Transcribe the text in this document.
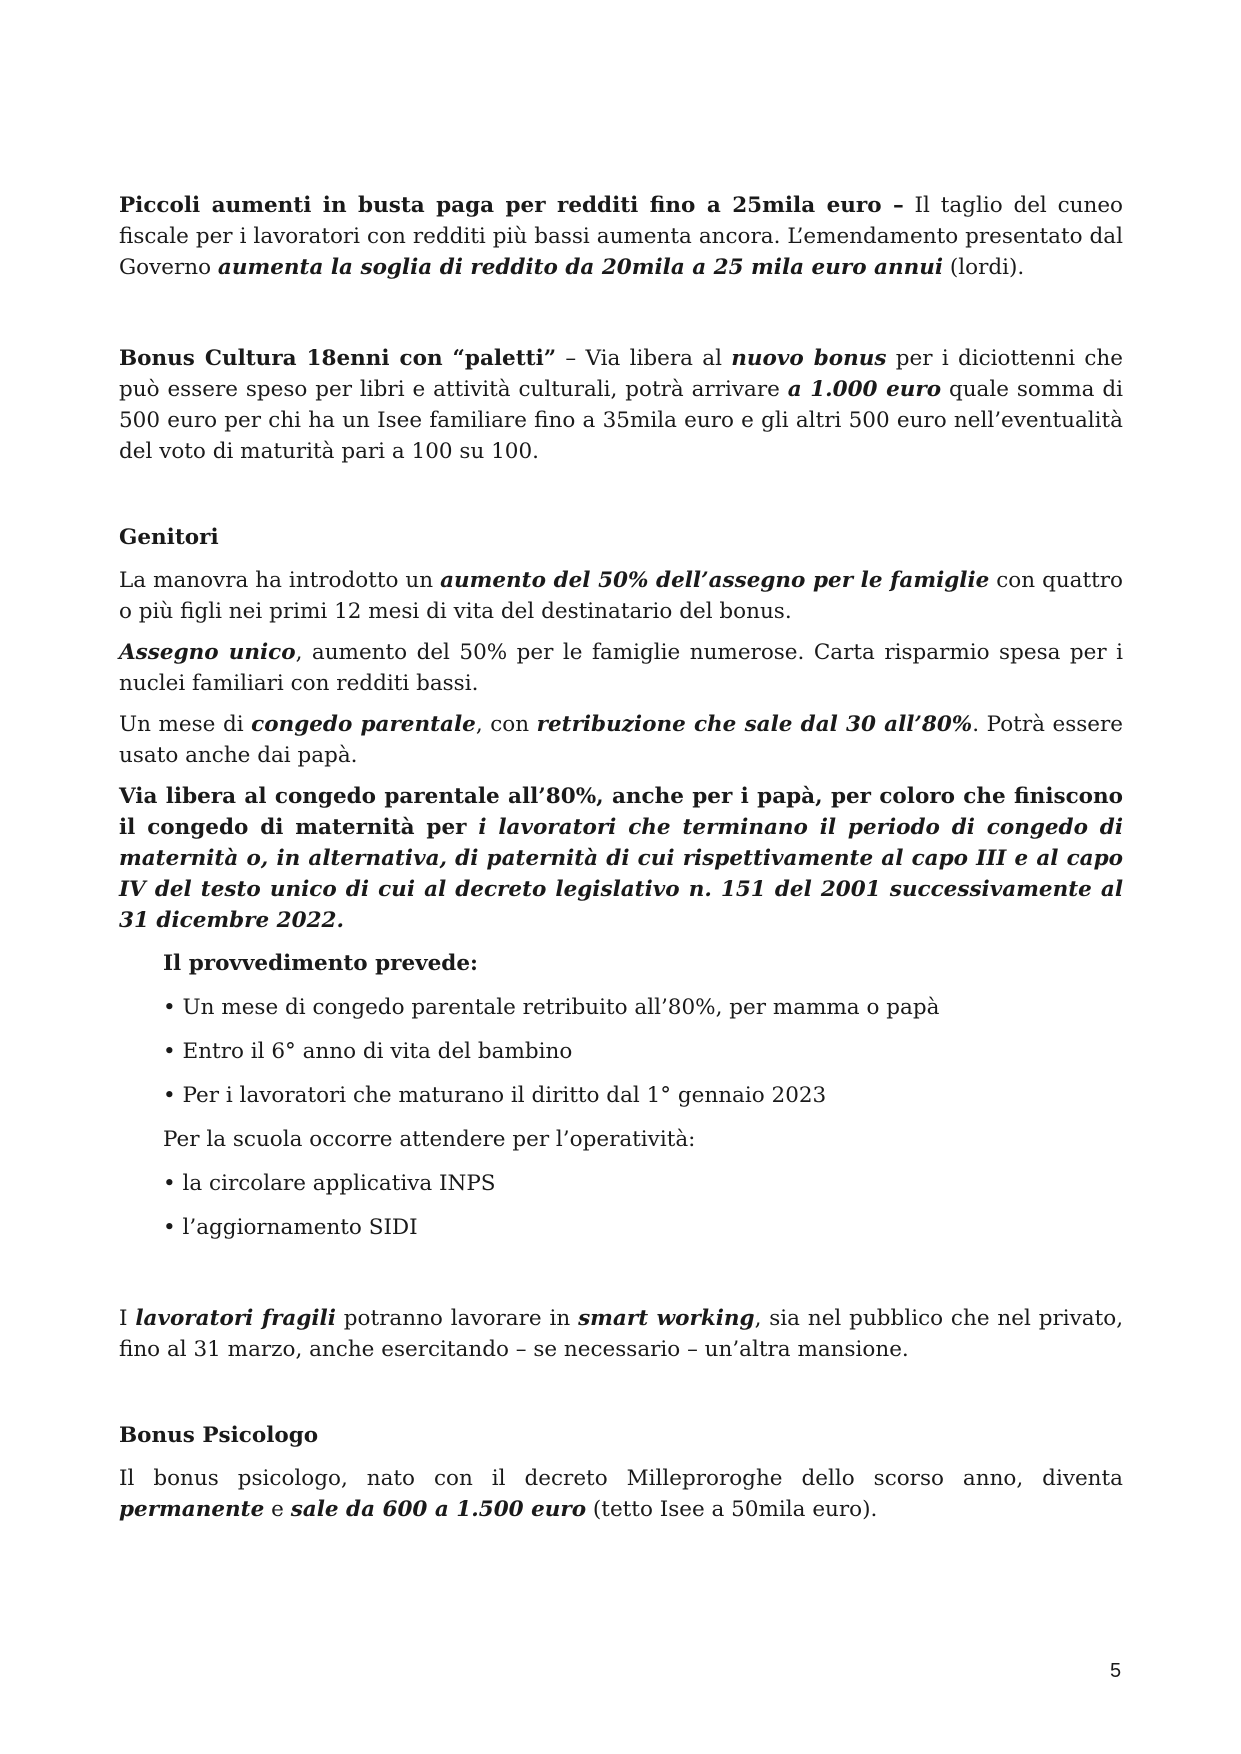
Piccoli aumenti in busta paga per redditi fino a 25mila euro – Il taglio del cuneo fiscale per i lavoratori con redditi più bassi aumenta ancora. L’emendamento presentato dal Governo aumenta la soglia di reddito da 20mila a 25 mila euro annui (lordi).

Bonus Cultura 18enni con “paletti” – Via libera al nuovo bonus per i diciottenni che può essere speso per libri e attività culturali, potrà arrivare a 1.000 euro quale somma di 500 euro per chi ha un Isee familiare fino a 35mila euro e gli altri 500 euro nell’eventualità del voto di maturità pari a 100 su 100.

Genitori

La manovra ha introdotto un aumento del 50% dell’assegno per le famiglie con quattro o più figli nei primi 12 mesi di vita del destinatario del bonus.

Assegno unico, aumento del 50% per le famiglie numerose. Carta risparmio spesa per i nuclei familiari con redditi bassi.

Un mese di congedo parentale, con retribuzione che sale dal 30 all’80%. Potrà essere usato anche dai papà.

Via libera al congedo parentale all’80%, anche per i papà, per coloro che finiscono il congedo di maternità per i lavoratori che terminano il periodo di congedo di maternità o, in alternativa, di paternità di cui rispettivamente al capo III e al capo IV del testo unico di cui al decreto legislativo n. 151 del 2001 successivamente al 31 dicembre 2022.

Il provvedimento prevede:

• Un mese di congedo parentale retribuito all’80%, per mamma o papà

• Entro il 6° anno di vita del bambino

• Per i lavoratori che maturano il diritto dal 1° gennaio 2023

Per la scuola occorre attendere per l’operatività:

• la circolare applicativa INPS

• l’aggiornamento SIDI

I lavoratori fragili potranno lavorare in smart working, sia nel pubblico che nel privato, fino al 31 marzo, anche esercitando – se necessario – un’altra mansione.

Bonus Psicologo

Il bonus psicologo, nato con il decreto Milleproroghe dello scorso anno, diventa permanente e sale da 600 a 1.500 euro (tetto Isee a 50mila euro).

5
